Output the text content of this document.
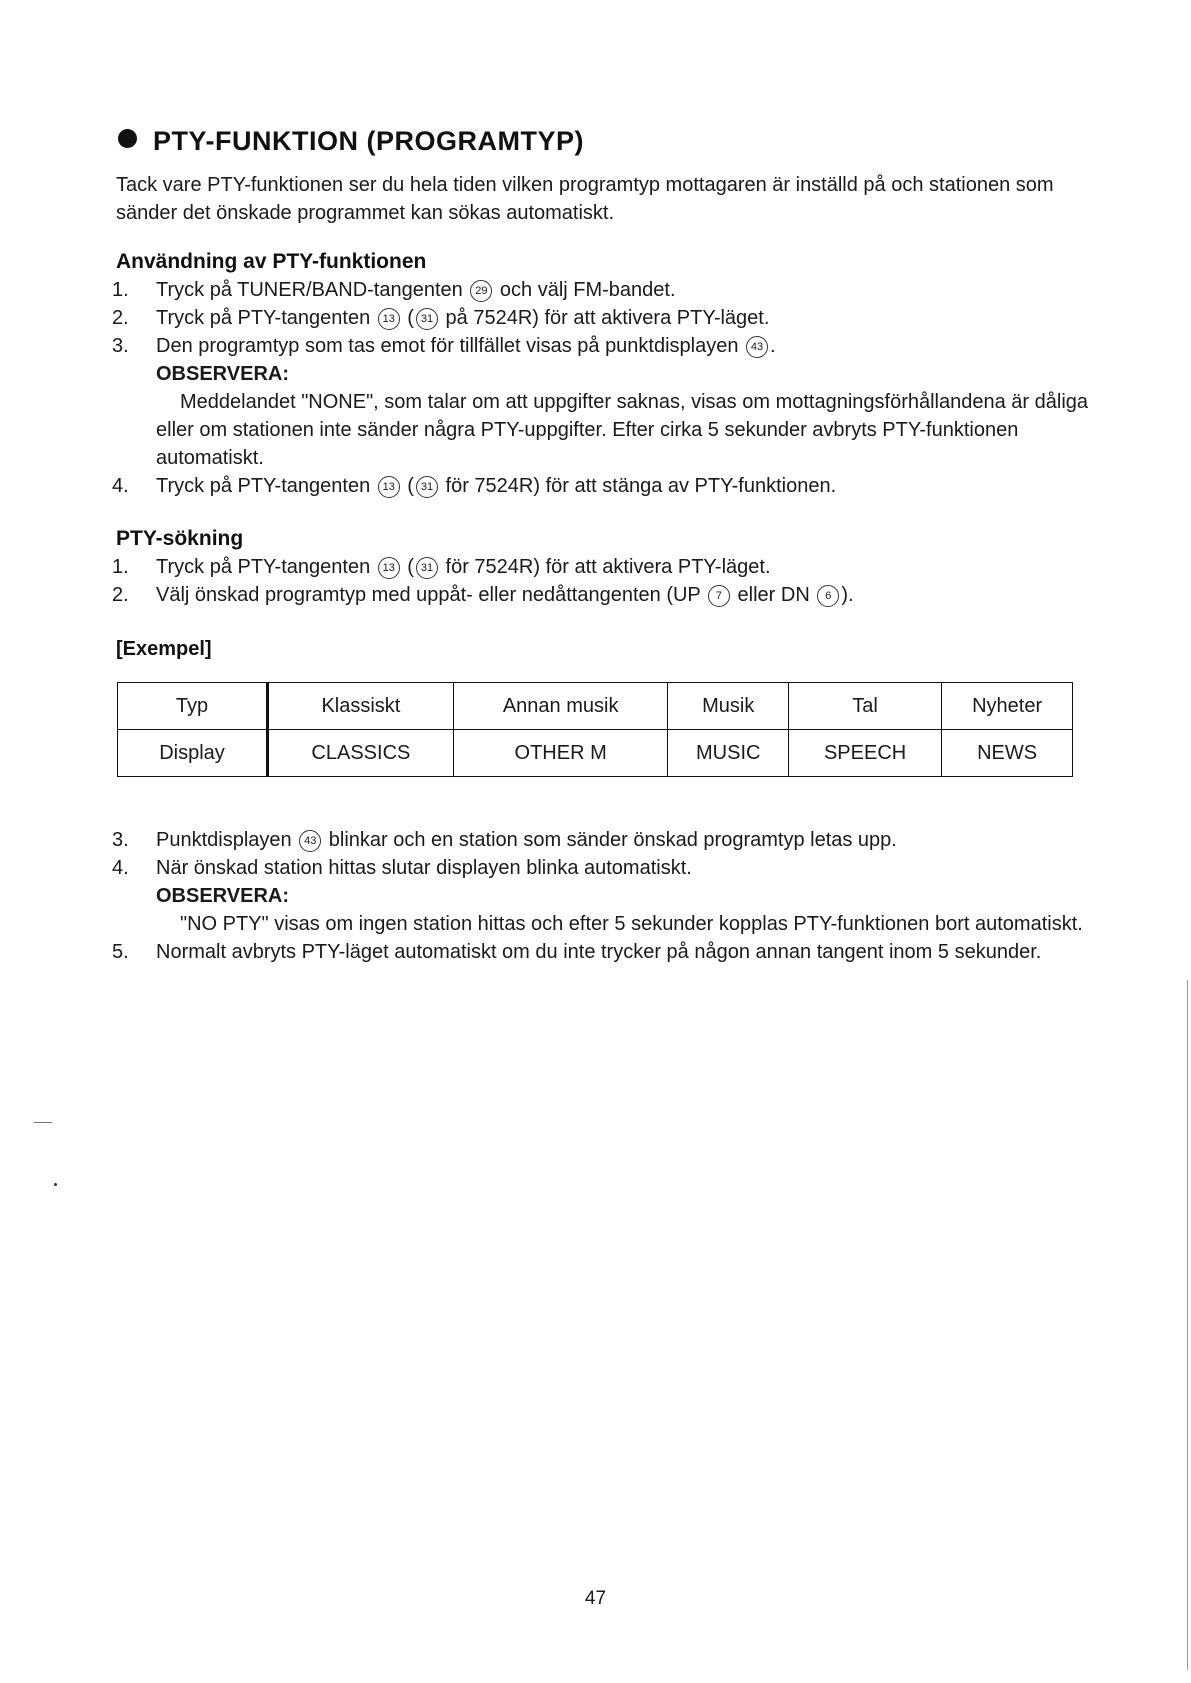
PTY-FUNKTION (PROGRAMTYP)
Tack vare PTY-funktionen ser du hela tiden vilken programtyp mottagaren är inställd på och stationen som sänder det önskade programmet kan sökas automatiskt.
Användning av PTY-funktionen
1. Tryck på TUNER/BAND-tangenten 29 och välj FM-bandet.
2. Tryck på PTY-tangenten 13 ( 31 på 7524R) för att aktivera PTY-läget.
3. Den programtyp som tas emot för tillfället visas på punktdisplayen 43 .
OBSERVERA:
Meddelandet "NONE", som talar om att uppgifter saknas, visas om mottagningsförhållandena är dåliga eller om stationen inte sänder några PTY-uppgifter. Efter cirka 5 sekunder avbryts PTY-funktionen automatiskt.
4. Tryck på PTY-tangenten 13 ( 31 för 7524R) för att stänga av PTY-funktionen.
PTY-sökning
1. Tryck på PTY-tangenten 13 ( 31 för 7524R) för att aktivera PTY-läget.
2. Välj önskad programtyp med uppåt- eller nedåttangenten (UP 7 eller DN 6 ).
[Exempel]
Typ	Klassiskt	Annan musik	Musik	Tal	Nyheter
Display	CLASSICS	OTHER M	MUSIC	SPEECH	NEWS
3. Punktdisplayen 43 blinkar och en station som sänder önskad programtyp letas upp.
4. När önskad station hittas slutar displayen blinka automatiskt.
OBSERVERA:
"NO PTY" visas om ingen station hittas och efter 5 sekunder kopplas PTY-funktionen bort automatiskt.
5. Normalt avbryts PTY-läget automatiskt om du inte trycker på någon annan tangent inom 5 sekunder.
47
